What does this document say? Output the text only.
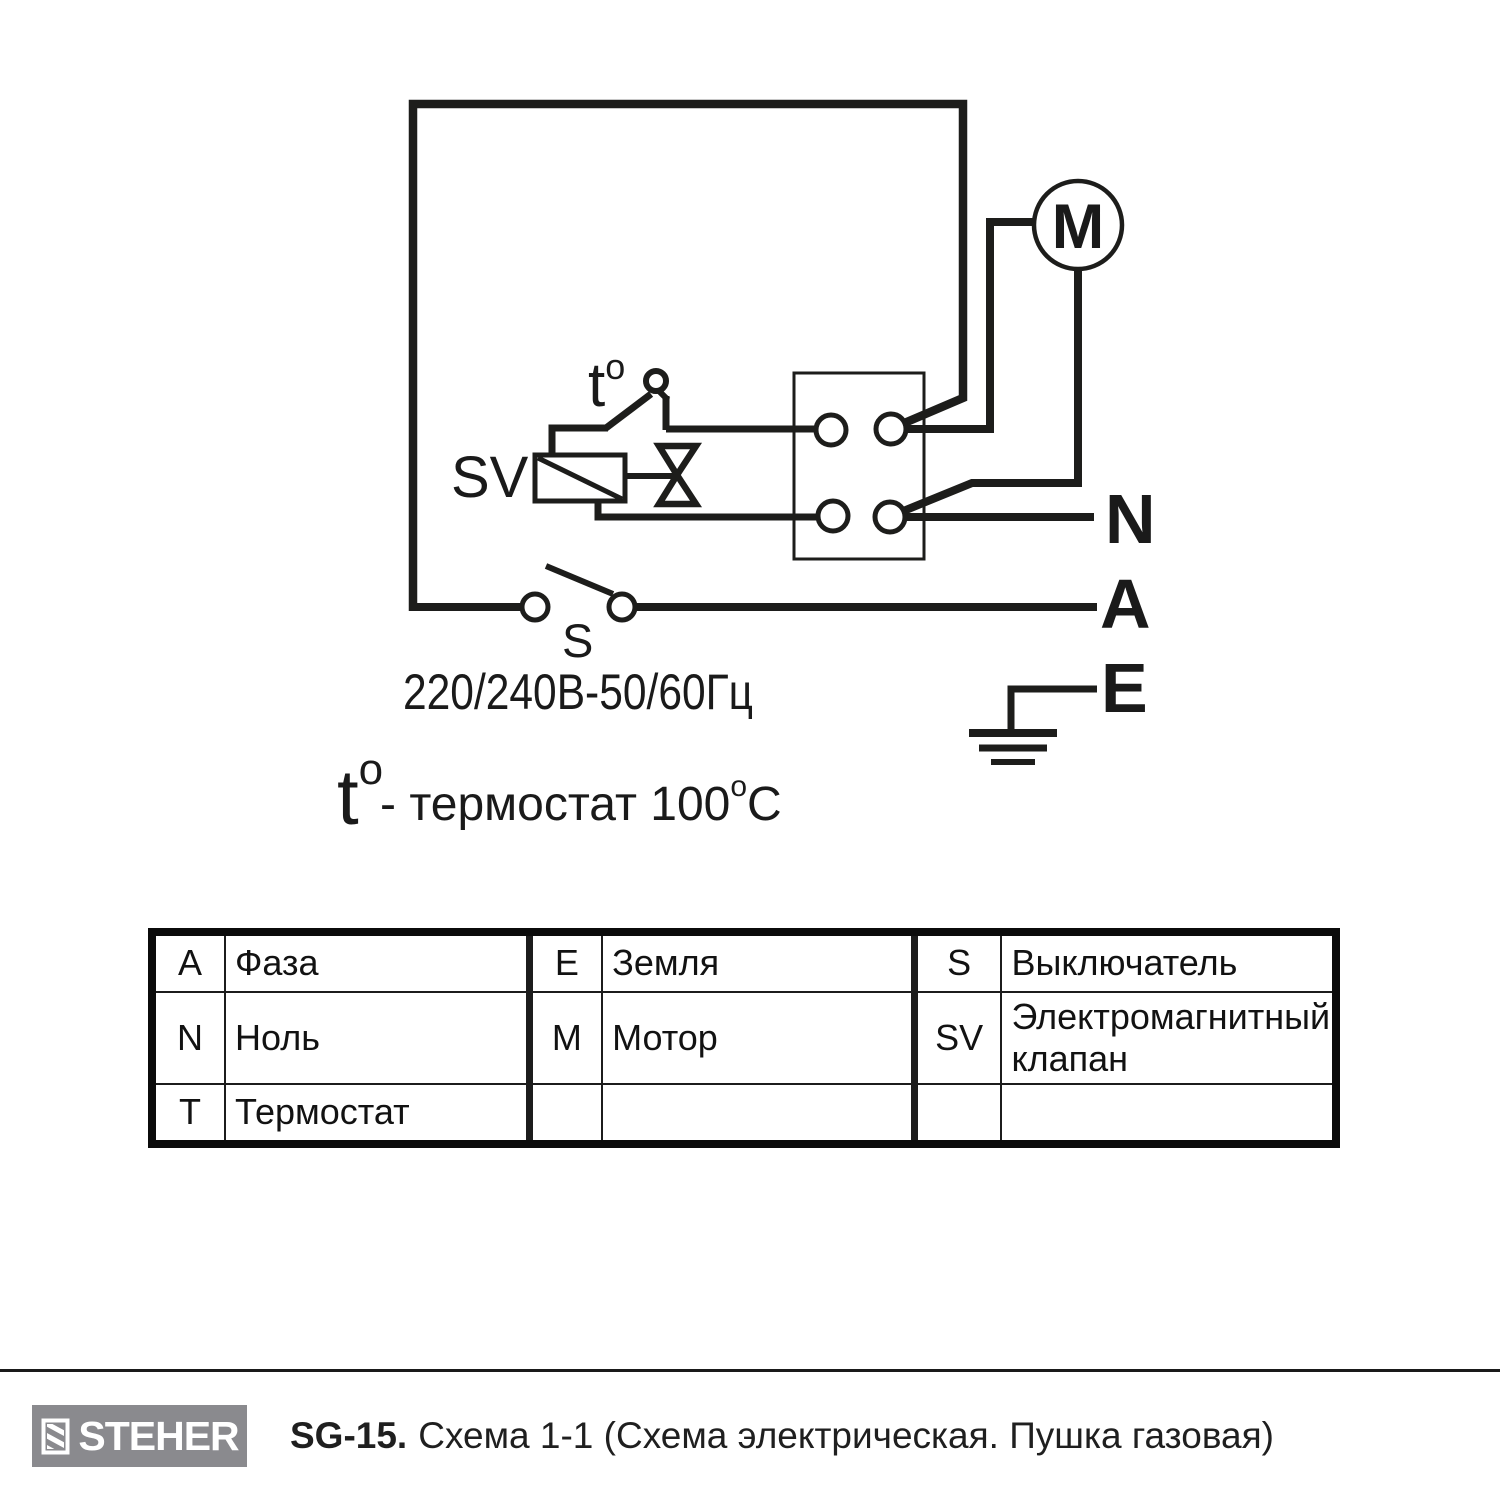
M
$t^o$
SV
S
220/240В-50/60Гц
N
A
E
$t^o$
- термостат 100$^o$C
A	Фаза	E	Земля	S	Выключатель
N	Ноль	M	Мотор	SV	Электромагнитный клапан
T	Термостат				
STEHER SG-15. Схема 1-1 (Схема электрическая. Пушка газовая)
